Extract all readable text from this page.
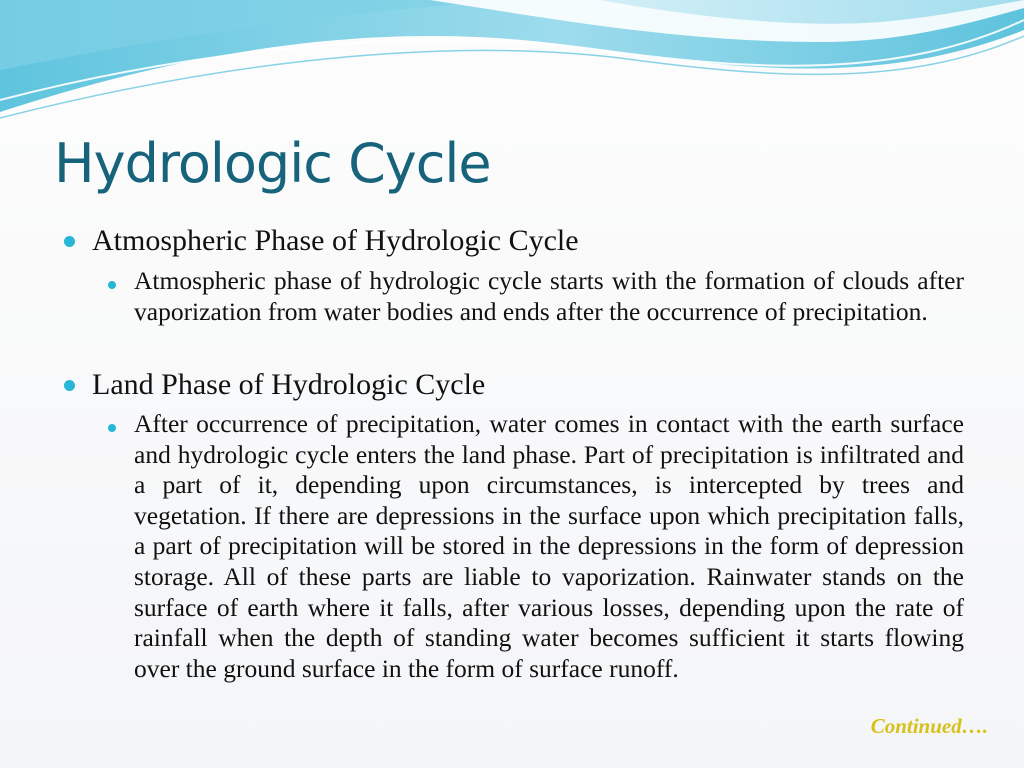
Hydrologic Cycle
Atmospheric Phase of Hydrologic Cycle
Atmospheric phase of hydrologic cycle starts with the formation of clouds after vaporization from water bodies and ends after the occurrence of precipitation.
Land Phase of Hydrologic Cycle
After occurrence of precipitation, water comes in contact with the earth surface and hydrologic cycle enters the land phase. Part of precipitation is infiltrated and a part of it, depending upon circumstances, is intercepted by trees and vegetation. If there are depressions in the surface upon which precipitation falls, a part of precipitation will be stored in the depressions in the form of depression storage. All of these parts are liable to vaporization. Rainwater stands on the surface of earth where it falls, after various losses, depending upon the rate of rainfall when the depth of standing water becomes sufficient it starts flowing over the ground surface in the form of surface runoff.
Continued….
